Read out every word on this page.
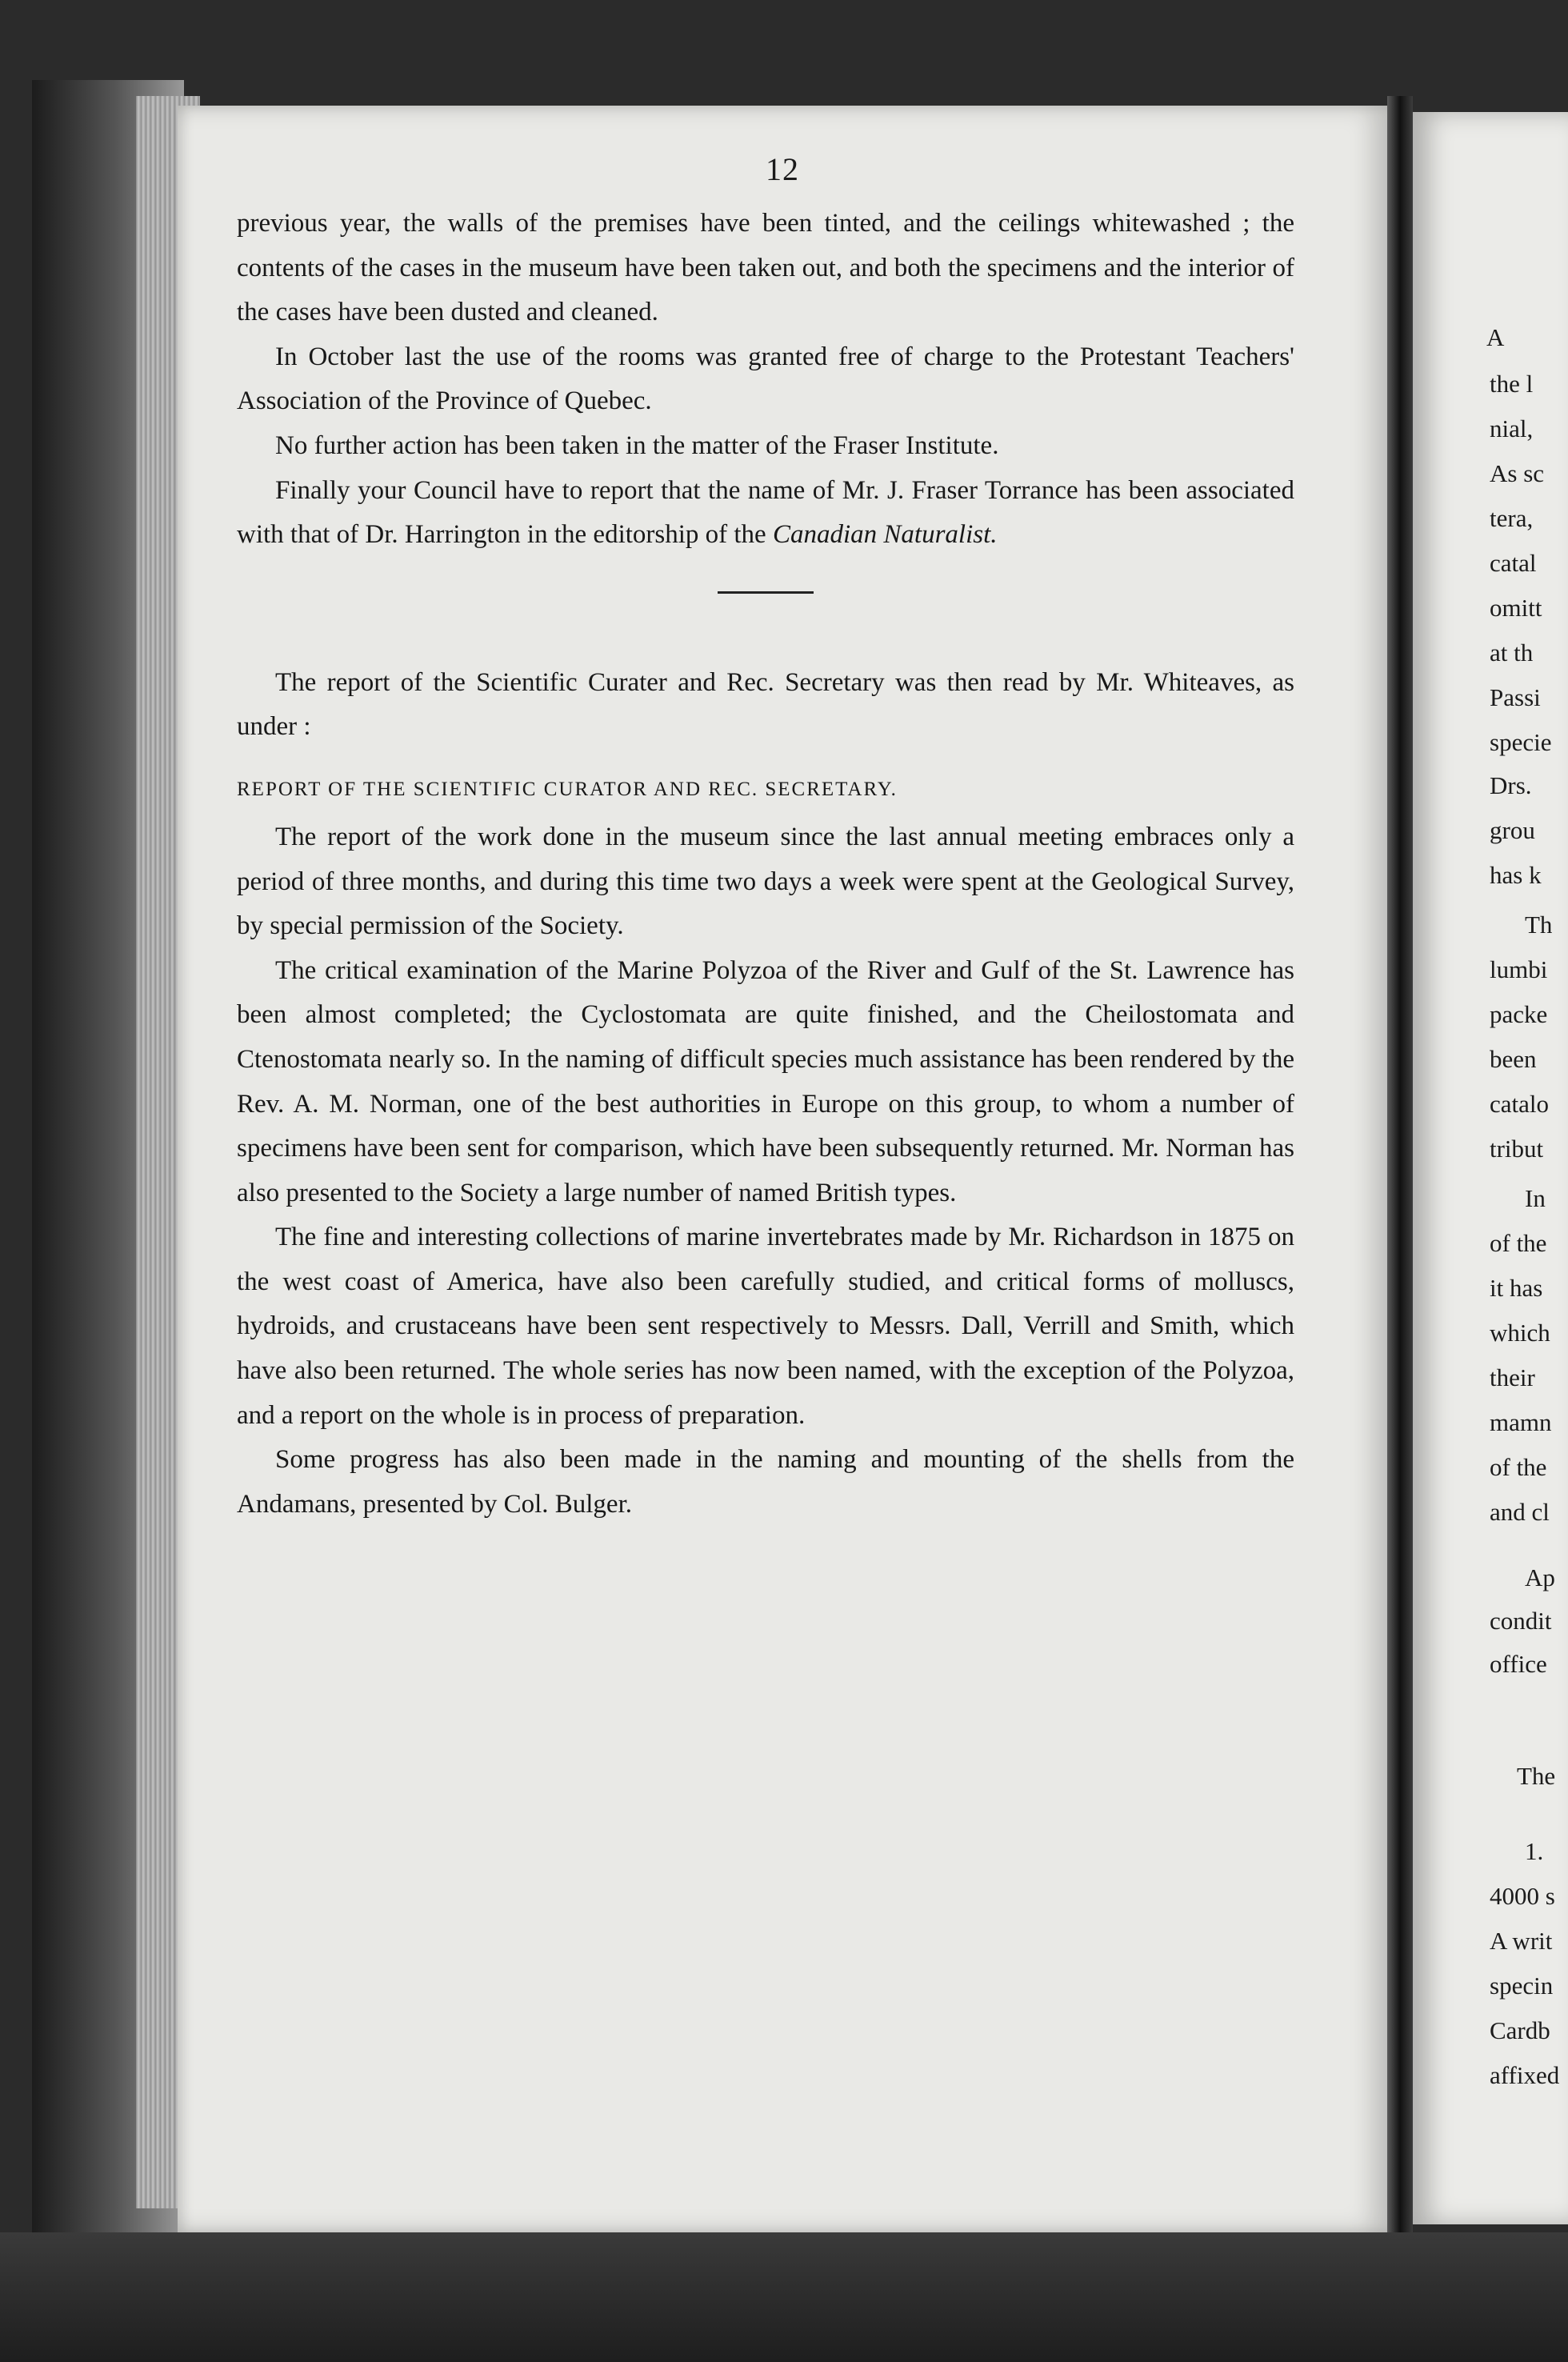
12

previous year, the walls of the premises have been tinted, and the ceilings whitewashed ; the contents of the cases in the museum have been taken out, and both the specimens and the interior of the cases have been dusted and cleaned.

In October last the use of the rooms was granted free of charge to the Protestant Teachers' Association of the Province of Quebec.

No further action has been taken in the matter of the Fraser Institute.

Finally your Council have to report that the name of Mr. J. Fraser Torrance has been associated with that of Dr. Harrington in the editorship of the Canadian Naturalist.

The report of the Scientific Curater and Rec. Secretary was then read by Mr. Whiteaves, as under :

REPORT OF THE SCIENTIFIC CURATOR AND REC. SECRETARY.

The report of the work done in the museum since the last annual meeting embraces only a period of three months, and during this time two days a week were spent at the Geological Survey, by special permission of the Society.

The critical examination of the Marine Polyzoa of the River and Gulf of the St. Lawrence has been almost completed; the Cyclostomata are quite finished, and the Cheilostomata and Ctenostomata nearly so. In the naming of difficult species much assistance has been rendered by the Rev. A. M. Norman, one of the best authorities in Europe on this group, to whom a number of specimens have been sent for comparison, which have been subsequently returned. Mr. Norman has also presented to the Society a large number of named British types.

The fine and interesting collections of marine invertebrates made by Mr. Richardson in 1875 on the west coast of America, have also been carefully studied, and critical forms of molluscs, hydroids, and crustaceans have been sent respectively to Messrs. Dall, Verrill and Smith, which have also been returned. The whole series has now been named, with the exception of the Polyzoa, and a report on the whole is in process of preparation.

Some progress has also been made in the naming and mounting of the shells from the Andamans, presented by Col. Bulger.

A
the l
nial,
As sc
tera,
catal
omitt
at th
Passi
specie
Drs.
grou
has k
Th
lumbi
packe
been
catalo
tribut
In
of the
it has
which
their
mamn
of the
and cl
Ap
condit
office
The
1.
4000 s
A writ
specin
Cardb
affixed
